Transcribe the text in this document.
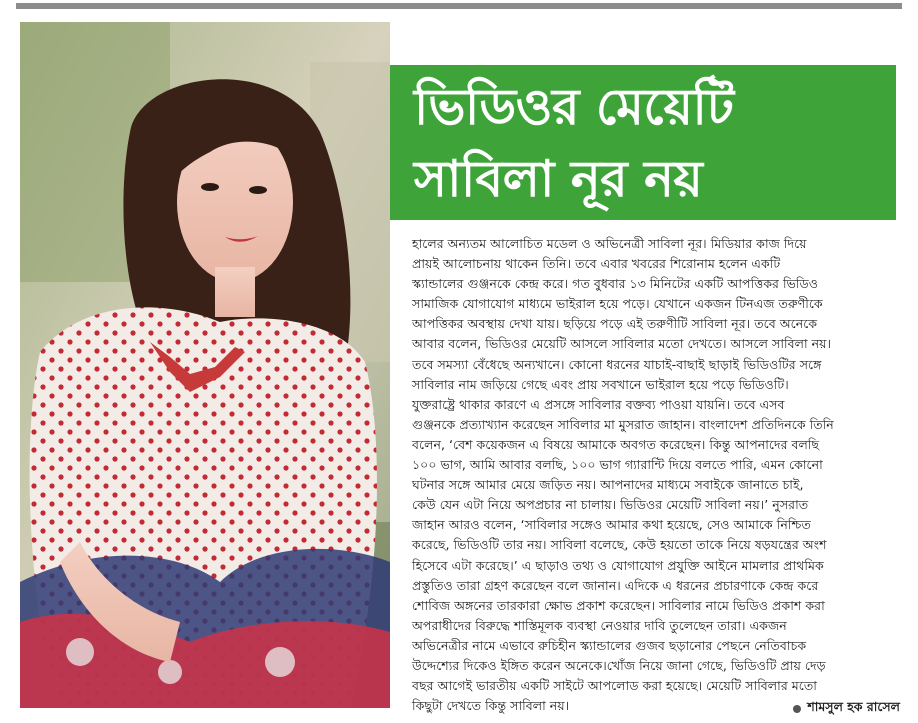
ভিডিওর মেয়েটি
সাবিলা নূর নয়
হালের অন্যতম আলোচিত মডেল ও অভিনেত্রী সাবিলা নূর। মিডিয়ার কাজ দিয়ে
প্রায়ই আলোচনায় থাকেন তিনি। তবে এবার খবরের শিরোনাম হলেন একটি
স্ক্যান্ডালের গুঞ্জনকে কেন্দ্র করে। গত বুধবার ১৩ মিনিটের একটি আপত্তিকর ভিডিও
সামাজিক যোগাযোগ মাধ্যমে ভাইরাল হয়ে পড়ে। যেখানে একজন টিনএজ তরুণীকে
আপত্তিকর অবস্থায় দেখা যায়। ছড়িয়ে পড়ে এই তরুণীটি সাবিলা নূর। তবে অনেকে
আবার বলেন, ভিডিওর মেয়েটি আসলে সাবিলার মতো দেখতে। আসলে সাবিলা নয়।
তবে সমস্যা বেঁধেছে অন্যখানে। কোনো ধরনের যাচাই-বাছাই ছাড়াই ভিডিওটির সঙ্গে
সাবিলার নাম জড়িয়ে গেছে এবং প্রায় সবখানে ভাইরাল হয়ে পড়ে ভিডিওটি।
যুক্তরাষ্ট্রে থাকার কারণে এ প্রসঙ্গে সাবিলার বক্তব্য পাওয়া যায়নি। তবে এসব
গুঞ্জনকে প্রত্যাখ্যান করেছেন সাবিলার মা মুসরাত জাহান। বাংলাদেশ প্রতিদিনকে তিনি
বলেন, ‘বেশ কয়েকজন এ বিষয়ে আমাকে অবগত করেছেন। কিন্তু আপনাদের বলছি
১০০ ভাগ, আমি আবার বলছি, ১০০ ভাগ গ্যারান্টি দিয়ে বলতে পারি, এমন কোনো
ঘটনার সঙ্গে আমার মেয়ে জড়িত নয়। আপনাদের মাধ্যমে সবাইকে জানাতে চাই,
কেউ যেন এটা নিয়ে অপপ্রচার না চালায়। ভিডিওর মেয়েটি সাবিলা নয়।’ নুসরাত
জাহান আরও বলেন, ‘সাবিলার সঙ্গেও আমার কথা হয়েছে, সেও আমাকে নিশ্চিত
করেছে, ভিডিওটি তার নয়। সাবিলা বলেছে, কেউ হয়তো তাকে নিয়ে ষড়যন্ত্রের অংশ
হিসেবে এটা করেছে।’ এ ছাড়াও তথ্য ও যোগাযোগ প্রযুক্তি আইনে মামলার প্রাথমিক
প্রস্তুতিও তারা গ্রহণ করেছেন বলে জানান। এদিকে এ ধরনের প্রচারণাকে কেন্দ্র করে
শোবিজ অঙ্গনের তারকারা ক্ষোভ প্রকাশ করেছেন। সাবিলার নামে ভিডিও প্রকাশ করা
অপরাধীদের বিরুদ্ধে শাস্তিমূলক ব্যবস্থা নেওয়ার দাবি তুলেছেন তারা। একজন
অভিনেত্রীর নামে এভাবে রুচিহীন স্ক্যান্ডালের গুজব ছড়ানোর পেছনে নেতিবাচক
উদ্দেশ্যের দিকেও ইঙ্গিত করেন অনেকে।খোঁজ নিয়ে জানা গেছে, ভিডিওটি প্রায় দেড়
বছর আগেই ভারতীয় একটি সাইটে আপলোড করা হয়েছে। মেয়েটি সাবিলার মতো
কিছুটা দেখতে কিন্তু সাবিলা নয়।	শামসুল হক রাসেল
